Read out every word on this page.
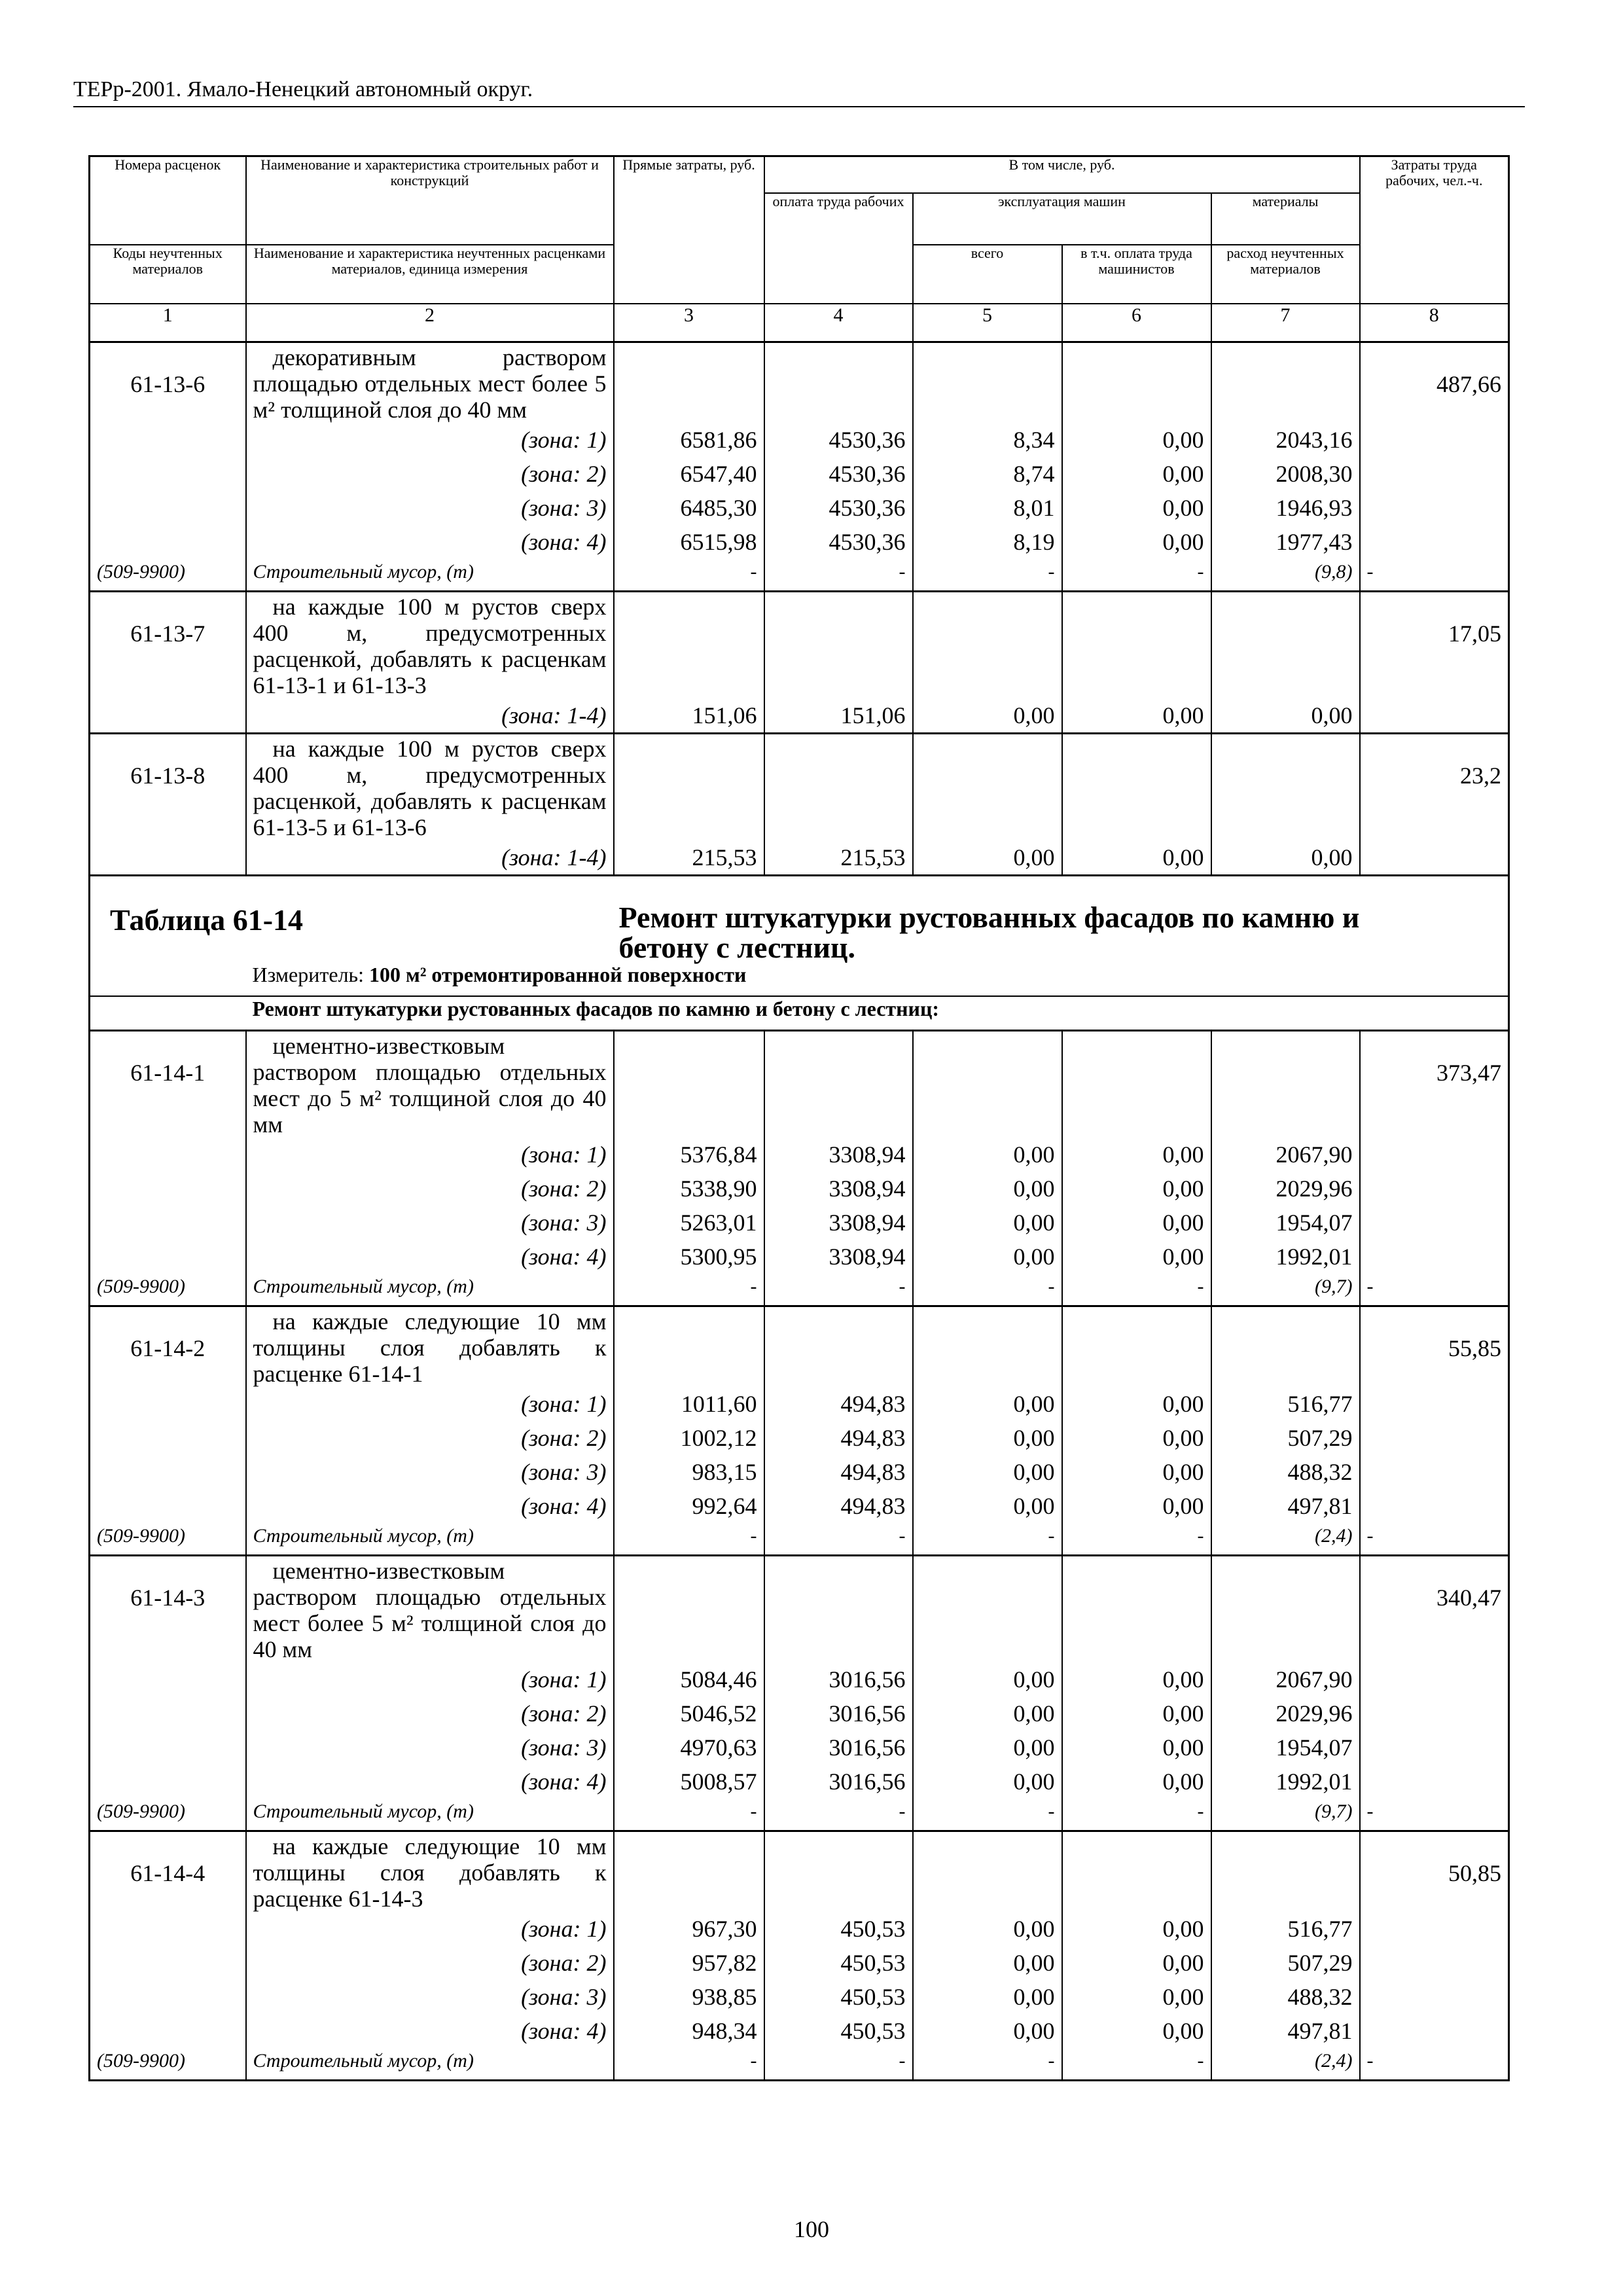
ТЕРр-2001. Ямало-Ненецкий автономный округ.
Номера расценок	Наименование и характеристика строительных работ и конструкций	Прямые затраты, руб.	В том числе, руб.				Затраты труда рабочих, чел.-ч.
			оплата труда рабочих	эксплуатация машин		материалы	
Коды неучтенных материалов	Наименование и характеристика неучтенных расценками материалов, единица измерения			всего	в т.ч. оплата труда машинистов	расход неучтенных материалов	
1	2	3	4	5	6	7	8
61-13-6	декоративным раствором площадью отдельных мест более 5 м² толщиной слоя до 40 мм						487,66
	(зона: 1)	6581,86	4530,36	8,34	0,00	2043,16	
	(зона: 2)	6547,40	4530,36	8,74	0,00	2008,30	
	(зона: 3)	6485,30	4530,36	8,01	0,00	1946,93	
	(зона: 4)	6515,98	4530,36	8,19	0,00	1977,43	
(509-9900)	Строительный мусор, (т)	-	-	-	-	(9,8)	-
61-13-7	на каждые 100 м рустов сверх 400 м, предусмотренных расценкой, добавлять к расценкам 61-13-1 и 61-13-3						17,05
	(зона: 1-4)	151,06	151,06	0,00	0,00	0,00	
61-13-8	на каждые 100 м рустов сверх 400 м, предусмотренных расценкой, добавлять к расценкам 61-13-5 и 61-13-6						23,2
	(зона: 1-4)	215,53	215,53	0,00	0,00	0,00	
Таблица 61-14		Ремонт штукатурки рустованных фасадов по камню и бетону с лестниц.					
	Измеритель: 100 м² отремонтированной поверхности						
	Ремонт штукатурки рустованных фасадов по камню и бетону с лестниц:						
61-14-1	цементно-известковым раствором площадью отдельных мест до 5 м² толщиной слоя до 40 мм						373,47
	(зона: 1)	5376,84	3308,94	0,00	0,00	2067,90	
	(зона: 2)	5338,90	3308,94	0,00	0,00	2029,96	
	(зона: 3)	5263,01	3308,94	0,00	0,00	1954,07	
	(зона: 4)	5300,95	3308,94	0,00	0,00	1992,01	
(509-9900)	Строительный мусор, (т)	-	-	-	-	(9,7)	-
61-14-2	на каждые следующие 10 мм толщины слоя добавлять к расценке 61-14-1						55,85
	(зона: 1)	1011,60	494,83	0,00	0,00	516,77	
	(зона: 2)	1002,12	494,83	0,00	0,00	507,29	
	(зона: 3)	983,15	494,83	0,00	0,00	488,32	
	(зона: 4)	992,64	494,83	0,00	0,00	497,81	
(509-9900)	Строительный мусор, (т)	-	-	-	-	(2,4)	-
61-14-3	цементно-известковым раствором площадью отдельных мест более 5 м² толщиной слоя до 40 мм						340,47
	(зона: 1)	5084,46	3016,56	0,00	0,00	2067,90	
	(зона: 2)	5046,52	3016,56	0,00	0,00	2029,96	
	(зона: 3)	4970,63	3016,56	0,00	0,00	1954,07	
	(зона: 4)	5008,57	3016,56	0,00	0,00	1992,01	
(509-9900)	Строительный мусор, (т)	-	-	-	-	(9,7)	-
61-14-4	на каждые следующие 10 мм толщины слоя добавлять к расценке 61-14-3						50,85
	(зона: 1)	967,30	450,53	0,00	0,00	516,77	
	(зона: 2)	957,82	450,53	0,00	0,00	507,29	
	(зона: 3)	938,85	450,53	0,00	0,00	488,32	
	(зона: 4)	948,34	450,53	0,00	0,00	497,81	
(509-9900)	Строительный мусор, (т)	-	-	-	-	(2,4)	-
100
